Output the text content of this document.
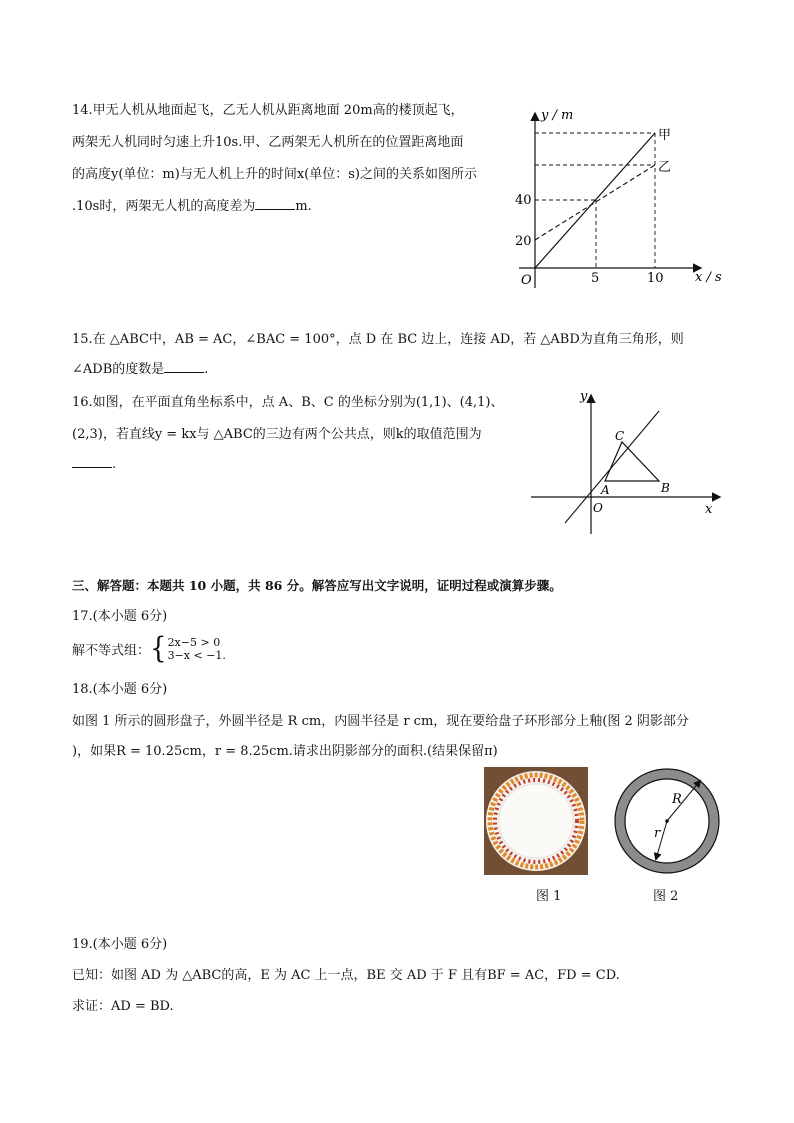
14.甲无人机从地面起飞，乙无人机从距离地面 20m高的楼顶起飞，
两架无人机同时匀速上升10s.甲、乙两架无人机所在的位置距离地面
的高度y(单位：m)与无人机上升的时间x(单位：s)之间的关系如图所示
.10s时，两架无人机的高度差为	m.
y / m
x / s
O	5	10
20
40
甲
乙
15.在 △ABC中，AB = AC，∠BAC = 100°，点 D 在 BC 边上，连接 AD，若 △ABD为直角三角形，则
∠ADB的度数是	.
16.如图，在平面直角坐标系中，点 A、B、C 的坐标分别为(1,1)、(4,1)、
(2,3)，若直线y = kx与 △ABC的三边有两个公共点，则k的取值范围为
.
y
x
O
A	B
C
三、解答题：本题共 10 小题，共 86 分。解答应写出文字说明，证明过程或演算步骤。
17.(本小题 6分)
解不等式组：{2x−5 > 0
3−x < −1.
18.(本小题 6分)
如图 1 所示的圆形盘子，外圆半径是 R cm，内圆半径是 r cm，现在要给盘子环形部分上釉(图 2 阴影部分
)，如果R = 10.25cm，r = 8.25cm.请求出阴影部分的面积.(结果保留π)
图 1
R
r
图 2
19.(本小题 6分)
已知：如图 AD 为 △ABC的高，E 为 AC 上一点，BE 交 AD 于 F 且有BF = AC，FD = CD.
求证：AD = BD.
